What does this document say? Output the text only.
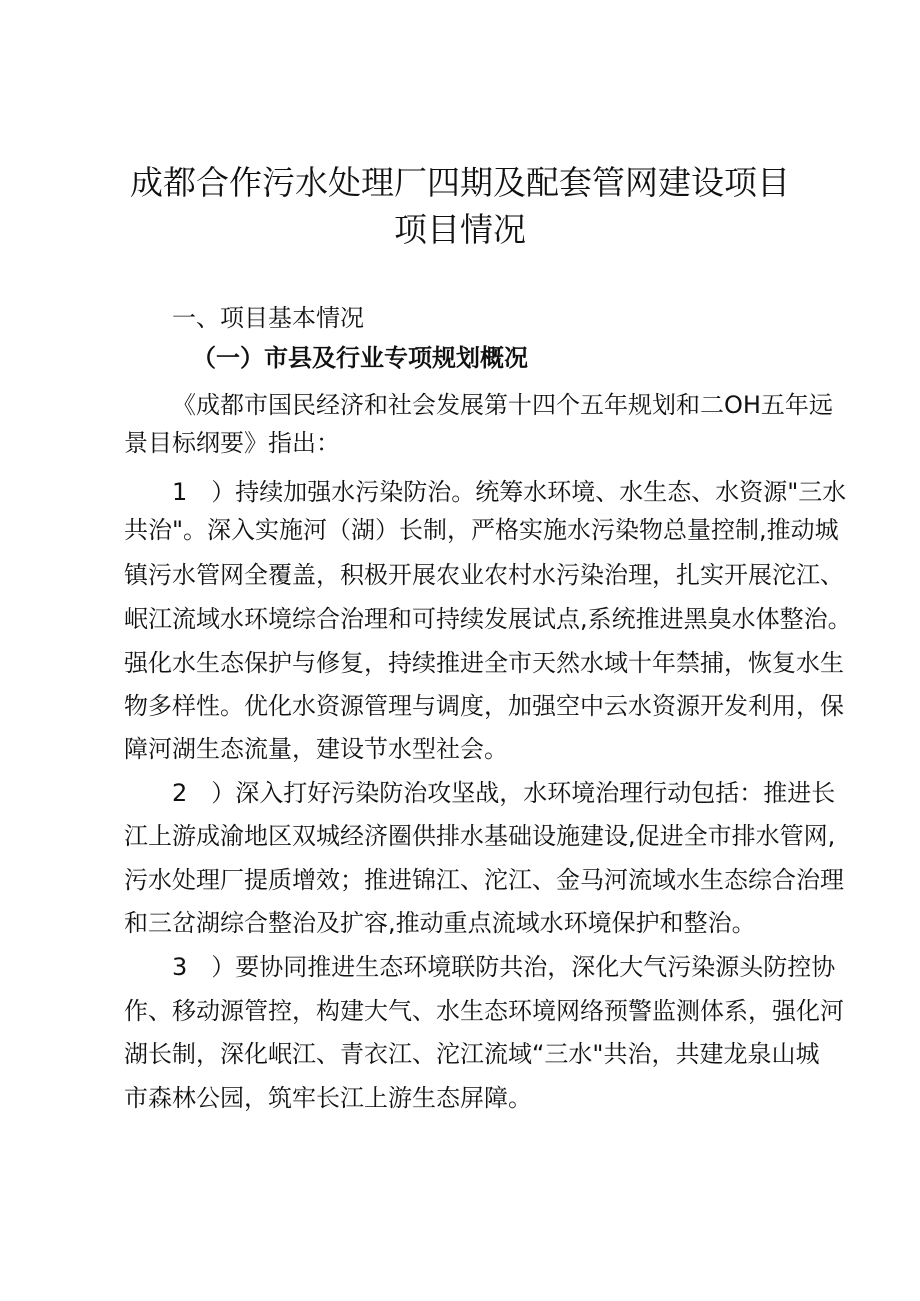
成都合作污水处理厂四期及配套管网建设项目
项目情况

一、项目基本情况

（一）市县及行业专项规划概况

《成都市国民经济和社会发展第十四个五年规划和二OH五年远

景目标纲要》指出：

1　）持续加强水污染防治。统筹水环境、水生态、水资源"三水

共治"。深入实施河（湖）长制，严格实施水污染物总量控制,推动城

镇污水管网全覆盖，积极开展农业农村水污染治理，扎实开展沱江、

岷江流域水环境综合治理和可持续发展试点,系统推进黑臭水体整治。

强化水生态保护与修复，持续推进全市天然水域十年禁捕，恢复水生

物多样性。优化水资源管理与调度，加强空中云水资源开发利用，保

障河湖生态流量，建设节水型社会。

2　）深入打好污染防治攻坚战，水环境治理行动包括：推进长

江上游成渝地区双城经济圈供排水基础设施建设,促进全市排水管网,

污水处理厂提质增效；推进锦江、沱江、金马河流域水生态综合治理

和三岔湖综合整治及扩容,推动重点流域水环境保护和整治。

3　）要协同推进生态环境联防共治，深化大气污染源头防控协

作、移动源管控，构建大气、水生态环境网络预警监测体系，强化河

湖长制，深化岷江、青衣江、沱江流域“三水"共治，共建龙泉山城

市森林公园，筑牢长江上游生态屏障。
